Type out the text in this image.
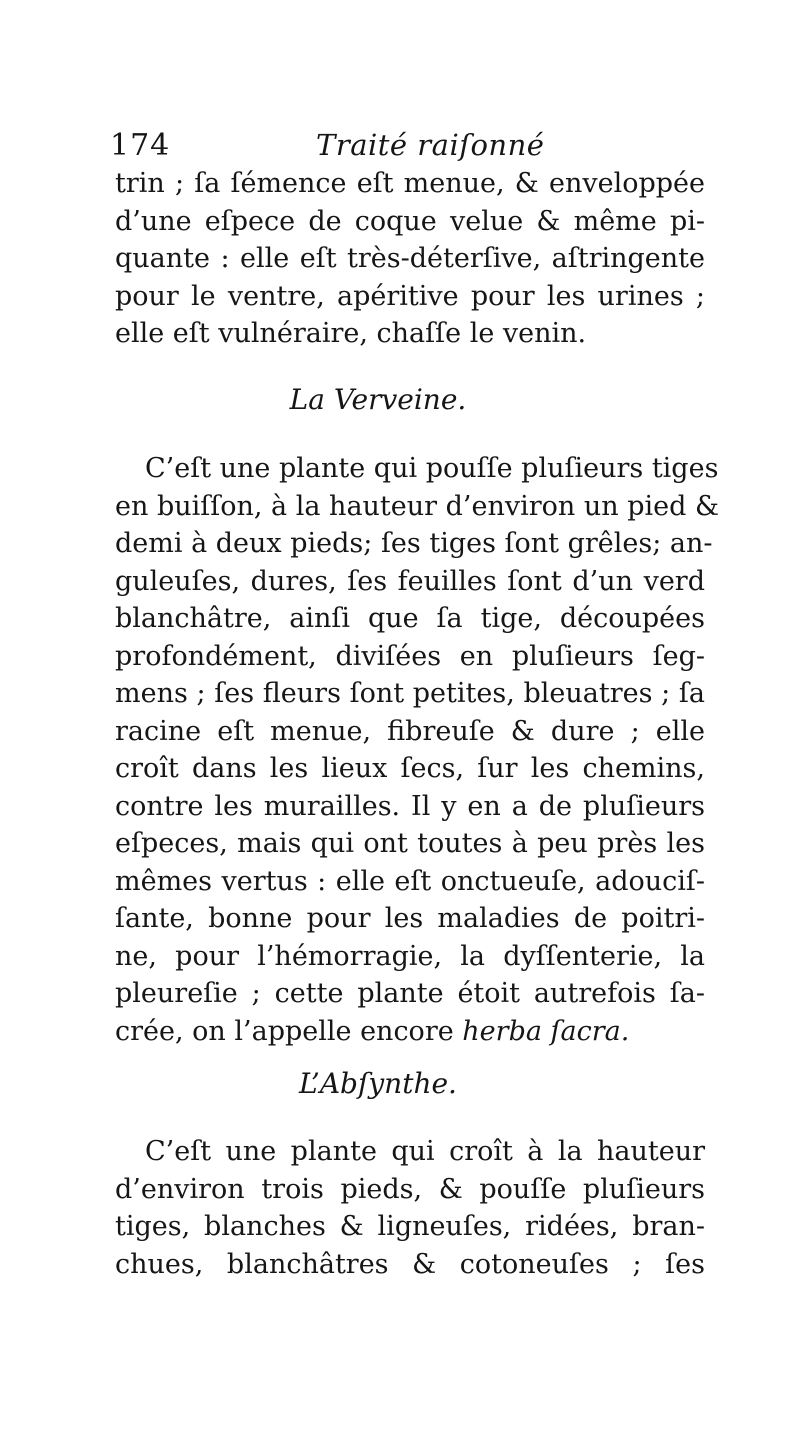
174	Traité raiſonné
trin ; ſa ſémence eſt menue, & enveloppée
d’une eſpece de coque velue & même pi-
quante : elle eſt très-déterſive, aſtringente
pour le ventre, apéritive pour les urines ;
elle eſt vulnéraire, chaſſe le venin.
La Verveine.
C’eſt une plante qui pouſſe pluſieurs tiges
en buiſſon, à la hauteur d’environ un pied &
demi à deux pieds; ſes tiges ſont grêles; an-
guleuſes, dures, ſes feuilles ſont d’un verd
blanchâtre, ainſi que ſa tige, découpées
profondément, diviſées en pluſieurs ſeg-
mens ; ſes fleurs ſont petites, bleuatres ; ſa
racine eſt menue, fibreuſe & dure ; elle
croît dans les lieux ſecs, ſur les chemins,
contre les murailles. Il y en a de pluſieurs
eſpeces, mais qui ont toutes à peu près les
mêmes vertus : elle eſt onctueuſe, adouciſ-
ſante, bonne pour les maladies de poitri-
ne, pour l’hémorragie, la dyſſenterie, la
pleureſie ; cette plante étoit autrefois ſa-
crée, on l’appelle encore herba ſacra.
L’Abſynthe.
C’eſt une plante qui croît à la hauteur
d’environ trois pieds, & pouſſe pluſieurs
tiges, blanches & ligneuſes, ridées, bran-
chues, blanchâtres & cotoneuſes ; ſes
